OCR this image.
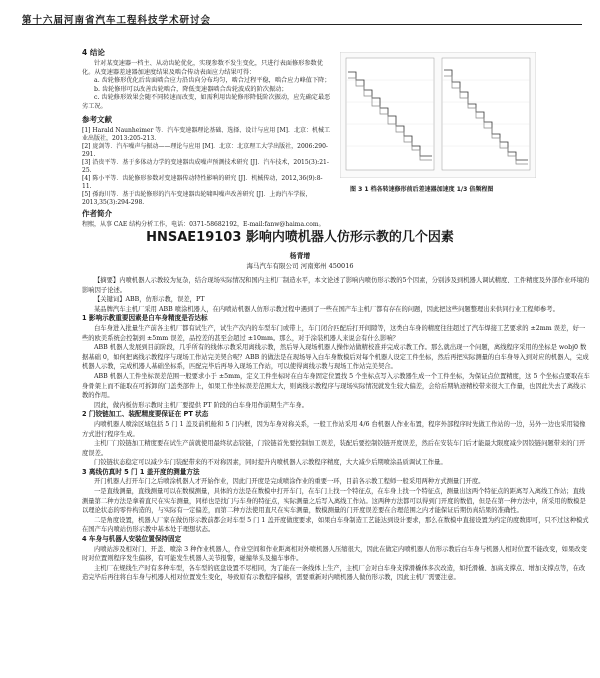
第十六届河南省汽车工程科技学术研讨会
4 结论

针对某变速器一档主、从动齿轮优化，实现参数不发生变化，只进行表面修形参数优化。从变速器差速器加速度结果及啮合传动表面应力结果可得：

a. 齿轮修形优化后齿面啮合应力沿齿向分布均匀，啮合过程平稳，啮合应力峰值下降；

b. 齿轮修形可以改善齿轮啮合，降低变速器啮合齿轮波成的阶次振动；

c. 齿轮修形效果会随不同转速而改变，如需利用齿轮修形降低阶次振动，应先确定最恶劣工况。

参考文献

[1] Harald Naunheimer 等．汽车变速器理论基础、选择、设计与应用 [M]．北京：机械工业出版社，2013:205-213.

[2] 庞剑等．汽车噪声与振动——理论与应用 [M]．北京：北京理工大学出版社，2006:290-291.

[3] 沿贵平等．基于多体动力学的变速器齿成噪声预测技术研究 [J]．汽车技术，2015(3):21-25.

[4] 陈小平等．齿轮修形参数对变速器传动特性影响的研究 [J]．机械传动，2012,36(9):8-11.

[5] 孫海川等．基于齿轮修形的汽车变速器齿轮啸叫噪声改善研究 [J]．上海汽车学报，2013,35(3):294-298.

作者简介

程熙，从事 CAE 结构分析工作，电话：0371-58682192，E-mail:fanw@haima.com。

图 3 1 档各转速修形前后差速器加速度 1/3 倍频程图
HNSAE19103 影响内喷机器人仿形示教的几个因素
杨青增
海马汽车有限公司 河南郑州 450016

【摘要】内喷机器人示教较为复杂，结合现场实际情况和国内主机厂制造水平，本文论述了影响内喷仿形示教的5个因素，分别涉及到机器人调试精度、工件精度及外部作业环境的影响因子论述。

【关键词】ABB，仿形示教，误差，PT

某品牌汽车主机厂采用 ABB 喷涂机器人，在内喷站机器人仿形示教过程中遇到了一些在国产车主机厂都有存在的问题，因此把这些问题整理出来供同行业工程师参考。

1 影响示教重要因素是白车身精度是否达标

白车身进入批量生产前各主机厂都有试生产，试生产次内的车型车门或带上，车门闭合匹配后打开间隙等，这类白车身的精度往往超过了汽车焊接工艺要求的 ±2mm 误差，好一些的欧美系统会控制到 ±5mm 误差，品控差的甚至会超过 ±10mm。那么，对于涂装机器人来说会有什么影响？

ABB 机器人发展到目前阶段，几乎所有的线体示教采用离线示教，然后导入现场机器人操作站做精校准并完成示教工作。那么就出现一个问题，离线程序采用的坐标是 wobj0 数据基础 0，如何把离线示教程序与现场工作站完美契合呢？ABB 的做法是在现场导入白车身数模后对每个机器人设定工件坐标，然后再把实际测量的白车身导入到对应的机器人，完成机器人示教，完成机器人基础坐标系，匹配完毕后再导入现场工作站，可以使得离线示教与现场工作站完美契合。

ABB 机器人工件坐标误差范围一般要求小于 ±5mm，定义工件坐标时在白车身固定位置找 5 个坐标点写入示教器生成一个工件坐标，为保证点位置精度，这 5 个坐标点要取在车身骨架上而不能取在可拆卸的门盖类部件上，如果工作坐标误差范围太大，则离线示教程序与现场实际情况就发生较大偏差，会给后期轨迹精校带来很大工作量，也因此失去了离线示教的作用。

因此，做内板仿形示教时主机厂要提供 PT 阶段的白车身用作前期生产车身。

2 门铰链加工、装配精度要保证在 PT 状态

内喷机器人喷涂区域包括 5 门 1 盖及前机舱和 5 门内框，因为车身对称关系，一般工作站采用 4/6 台机器人作业布置，程序外部程序时先做工作站的一边，另外一边也采用镜像方式进行程序生成。

主机厂门铰链加工精度要在试生产前就使用最终状态铰链，门铰链首先要控制加工误差，装配后要控制铰链开度误差，然后在安装车门后才能最大限度减少因铰链问题带来的门开度误差。

门铰链状态稳定可以减少车门装配带来的不对称因素，同时提升内喷机器人示教程序精度，大大减少后期喷涂品质调试工作量。

3 离线仿真时 5 门 1 盖开度的测量方法

开门机器人打开车门之后喷涂机器人才开始作业，因此门开度是完成喷涂作业的重要一环，目前各示教工程师一般采用两种方式测量门开度。

一是直线测量，直线测量可以在数模测量，具体的方法是在数模中打开车门，在车门上找一个特征点，在车身上找一个特征点，测量出这两个特征点的距离写入离线工作站；直线测量第二种方法是拿着直尺在实车测量，同样也是找门与车身的特征点，实际测量之后写入离线工作站。这两种方法都可以得到门开度的数值，但是在第一种方法中，所采用的数模是以理论状态的零件构造的，与实际有一定偏差，而第二种方法使用直尺在实车测量，数模测量的门开度误差要在合理范围之内才能保证后期仿真结果的准确性。

二是角度设置，机器人厂家在做仿形示教前都会对车型 5 门 1 盖开度做度要求，如果白车身制造工艺能达到设计要求，那么在数模中直接设置为约定的度数即可，只不过这种模式在国产车内喷站仿形示教中基本处于理想状态。

4 车身与机器人安装位置保持固定

内喷站涉及相对门、开盖、喷涂 3 种作业机器人，作业空间和作业距离相对外喷机器人压缩很大，因此在做定内喷机器人仿形示教后白车身与机器人相对位置不能改变，如果改变时对位置则程序发生偏移，有可能发生机器人关节报警，碰撞举头及撞车事件。

主机厂在规线生产时有多种车型，各车型的底盘设置不尽相同，为了能在一条线体上生产，主机厂会对白车身支撑滑橇体多次改造，如托滑橇、加高支撑点、增加支撑点等，在改造完毕后再往将白车身与机器人相对位置发生变化，导致原有示教程序偏移，需要重新对内喷机器人做仿形示教，因此主机厂需要注意。
